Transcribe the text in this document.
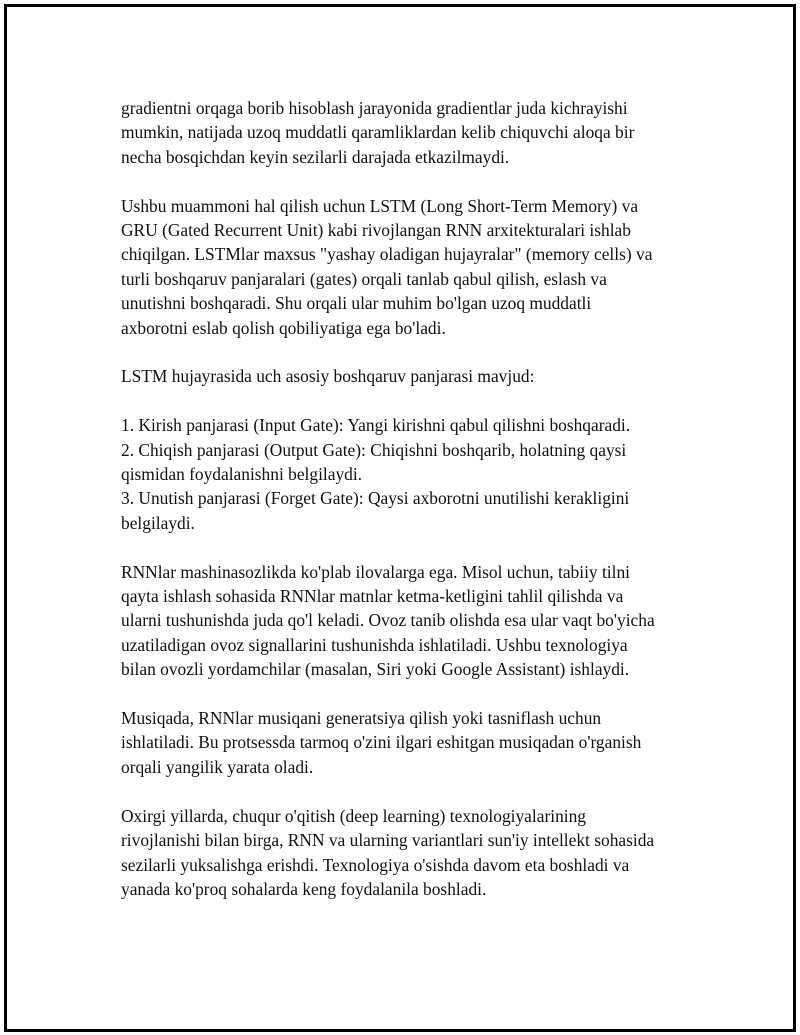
gradientni orqaga borib hisoblash jarayonida gradientlar juda kichrayishi
mumkin, natijada uzoq muddatli qaramliklardan kelib chiquvchi aloqa bir
necha bosqichdan keyin sezilarli darajada etkazilmaydi.

Ushbu muammoni hal qilish uchun LSTM (Long Short-Term Memory) va
GRU (Gated Recurrent Unit) kabi rivojlangan RNN arxitekturalari ishlab
chiqilgan. LSTMlar maxsus "yashay oladigan hujayralar" (memory cells) va
turli boshqaruv panjaralari (gates) orqali tanlab qabul qilish, eslash va
unutishni boshqaradi. Shu orqali ular muhim bo'lgan uzoq muddatli
axborotni eslab qolish qobiliyatiga ega bo'ladi.

LSTM hujayrasida uch asosiy boshqaruv panjarasi mavjud:

1. Kirish panjarasi (Input Gate): Yangi kirishni qabul qilishni boshqaradi.

2. Chiqish panjarasi (Output Gate): Chiqishni boshqarib, holatning qaysi
qismidan foydalanishni belgilaydi.

3. Unutish panjarasi (Forget Gate): Qaysi axborotni unutilishi kerakligini
belgilaydi.

RNNlar mashinasozlikda ko'plab ilovalarga ega. Misol uchun, tabiiy tilni
qayta ishlash sohasida RNNlar matnlar ketma-ketligini tahlil qilishda va
ularni tushunishda juda qo'l keladi. Ovoz tanib olishda esa ular vaqt bo'yicha
uzatiladigan ovoz signallarini tushunishda ishlatiladi. Ushbu texnologiya
bilan ovozli yordamchilar (masalan, Siri yoki Google Assistant) ishlaydi.

Musiqada, RNNlar musiqani generatsiya qilish yoki tasniflash uchun
ishlatiladi. Bu protsessda tarmoq o'zini ilgari eshitgan musiqadan o'rganish
orqali yangilik yarata oladi.

Oxirgi yillarda, chuqur o'qitish (deep learning) texnologiyalarining
rivojlanishi bilan birga, RNN va ularning variantlari sun'iy intellekt sohasida
sezilarli yuksalishga erishdi. Texnologiya o'sishda davom eta boshladi va
yanada ko'proq sohalarda keng foydalanila boshladi.
